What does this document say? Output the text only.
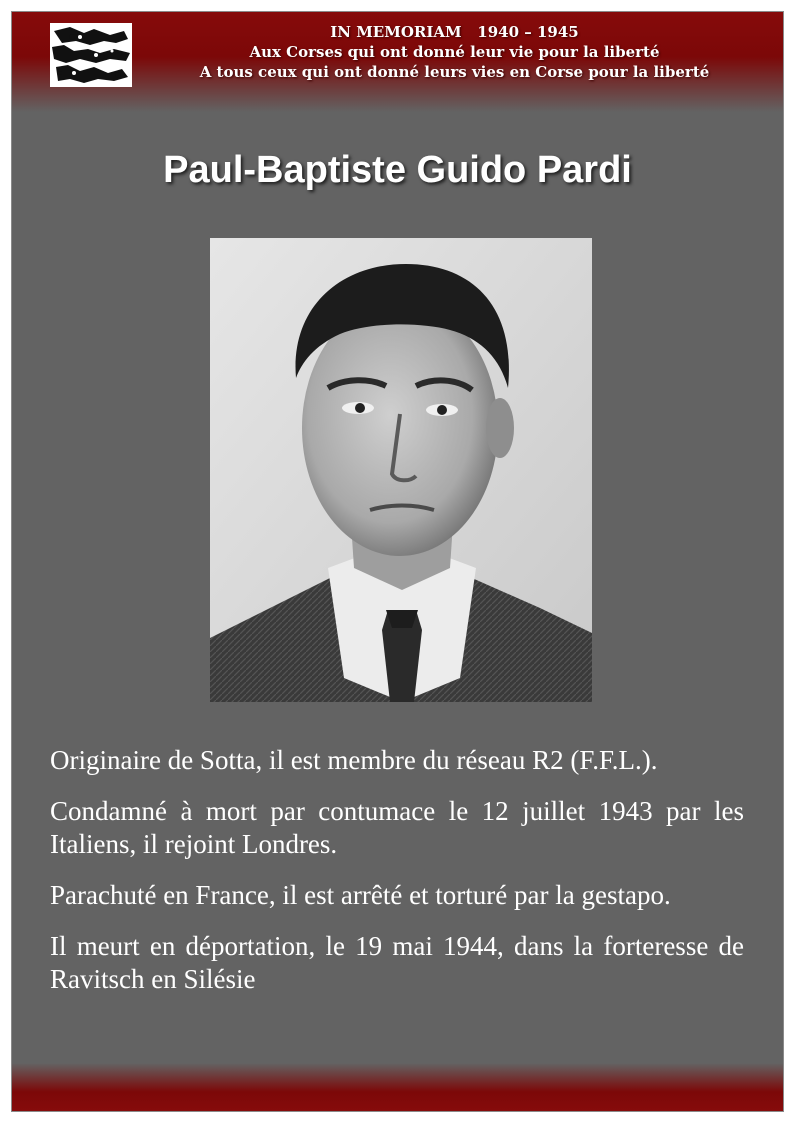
IN MEMORIAM   1940 – 1945
Aux Corses qui ont donné leur vie pour la liberté
A tous ceux qui ont donné leurs vies en Corse pour la liberté
Paul-Baptiste Guido Pardi

Originaire de Sotta, il est membre du réseau R2 (F.F.L.).

Condamné à mort par contumace le 12 juillet 1943 par les Italiens, il rejoint Londres.

Parachuté en France, il est arrêté et torturé par la gestapo.

Il meurt en déportation, le 19 mai 1944, dans la forteresse de Ravitsch en Silésie
